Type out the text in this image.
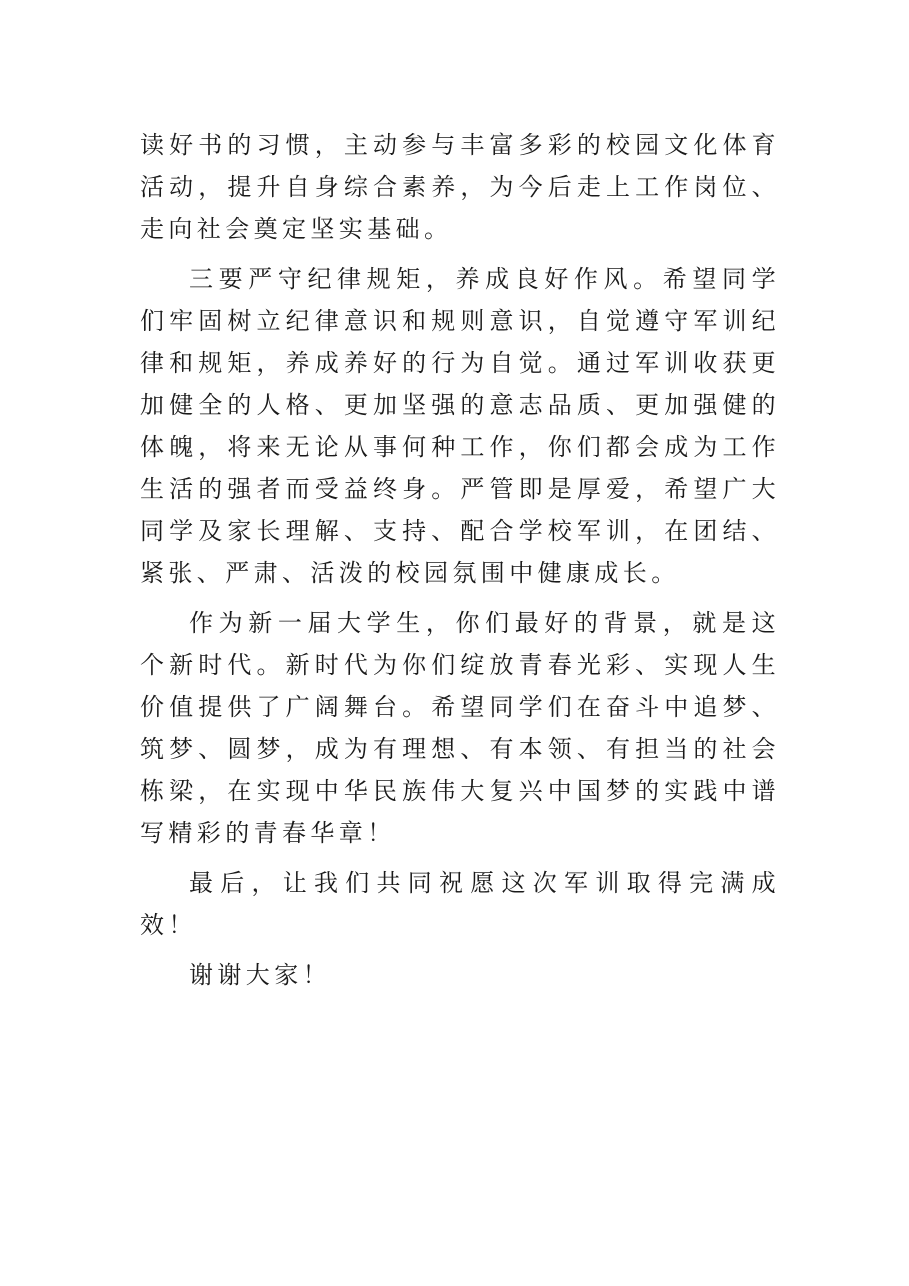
读好书的习惯，主动参与丰富多彩的校园文化体育活动，提升自身综合素养，为今后走上工作岗位、走向社会奠定坚实基础。

三要严守纪律规矩，养成良好作风。希望同学们牢固树立纪律意识和规则意识，自觉遵守军训纪律和规矩，养成养好的行为自觉。通过军训收获更加健全的人格、更加坚强的意志品质、更加强健的体魄，将来无论从事何种工作，你们都会成为工作生活的强者而受益终身。严管即是厚爱，希望广大同学及家长理解、支持、配合学校军训，在团结、紧张、严肃、活泼的校园氛围中健康成长。

作为新一届大学生，你们最好的背景，就是这个新时代。新时代为你们绽放青春光彩、实现人生价值提供了广阔舞台。希望同学们在奋斗中追梦、筑梦、圆梦，成为有理想、有本领、有担当的社会栋梁，在实现中华民族伟大复兴中国梦的实践中谱写精彩的青春华章！

最后，让我们共同祝愿这次军训取得完满成效！

谢谢大家！
